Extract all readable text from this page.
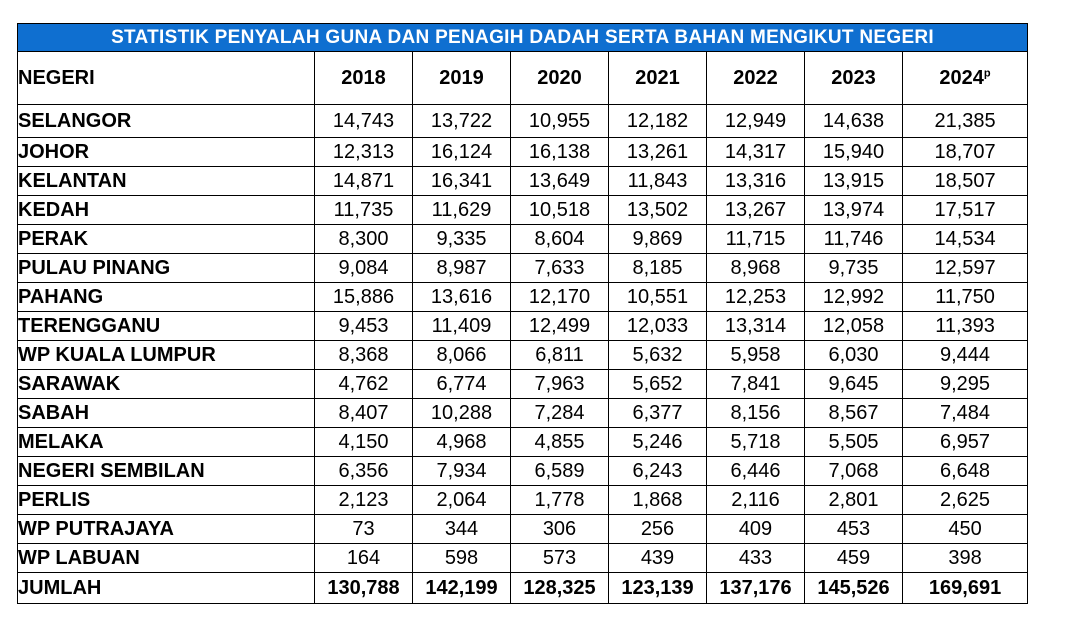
STATISTIK PENYALAH GUNA DAN PENAGIH DADAH SERTA BAHAN MENGIKUT NEGERI							
NEGERI	2018	2019	2020	2021	2022	2023	2024$^p$
SELANGOR	14,743	13,722	10,955	12,182	12,949	14,638	21,385
JOHOR	12,313	16,124	16,138	13,261	14,317	15,940	18,707
KELANTAN	14,871	16,341	13,649	11,843	13,316	13,915	18,507
KEDAH	11,735	11,629	10,518	13,502	13,267	13,974	17,517
PERAK	8,300	9,335	8,604	9,869	11,715	11,746	14,534
PULAU PINANG	9,084	8,987	7,633	8,185	8,968	9,735	12,597
PAHANG	15,886	13,616	12,170	10,551	12,253	12,992	11,750
TERENGGANU	9,453	11,409	12,499	12,033	13,314	12,058	11,393
WP KUALA LUMPUR	8,368	8,066	6,811	5,632	5,958	6,030	9,444
SARAWAK	4,762	6,774	7,963	5,652	7,841	9,645	9,295
SABAH	8,407	10,288	7,284	6,377	8,156	8,567	7,484
MELAKA	4,150	4,968	4,855	5,246	5,718	5,505	6,957
NEGERI SEMBILAN	6,356	7,934	6,589	6,243	6,446	7,068	6,648
PERLIS	2,123	2,064	1,778	1,868	2,116	2,801	2,625
WP PUTRAJAYA	73	344	306	256	409	453	450
WP LABUAN	164	598	573	439	433	459	398
JUMLAH	130,788	142,199	128,325	123,139	137,176	145,526	169,691
